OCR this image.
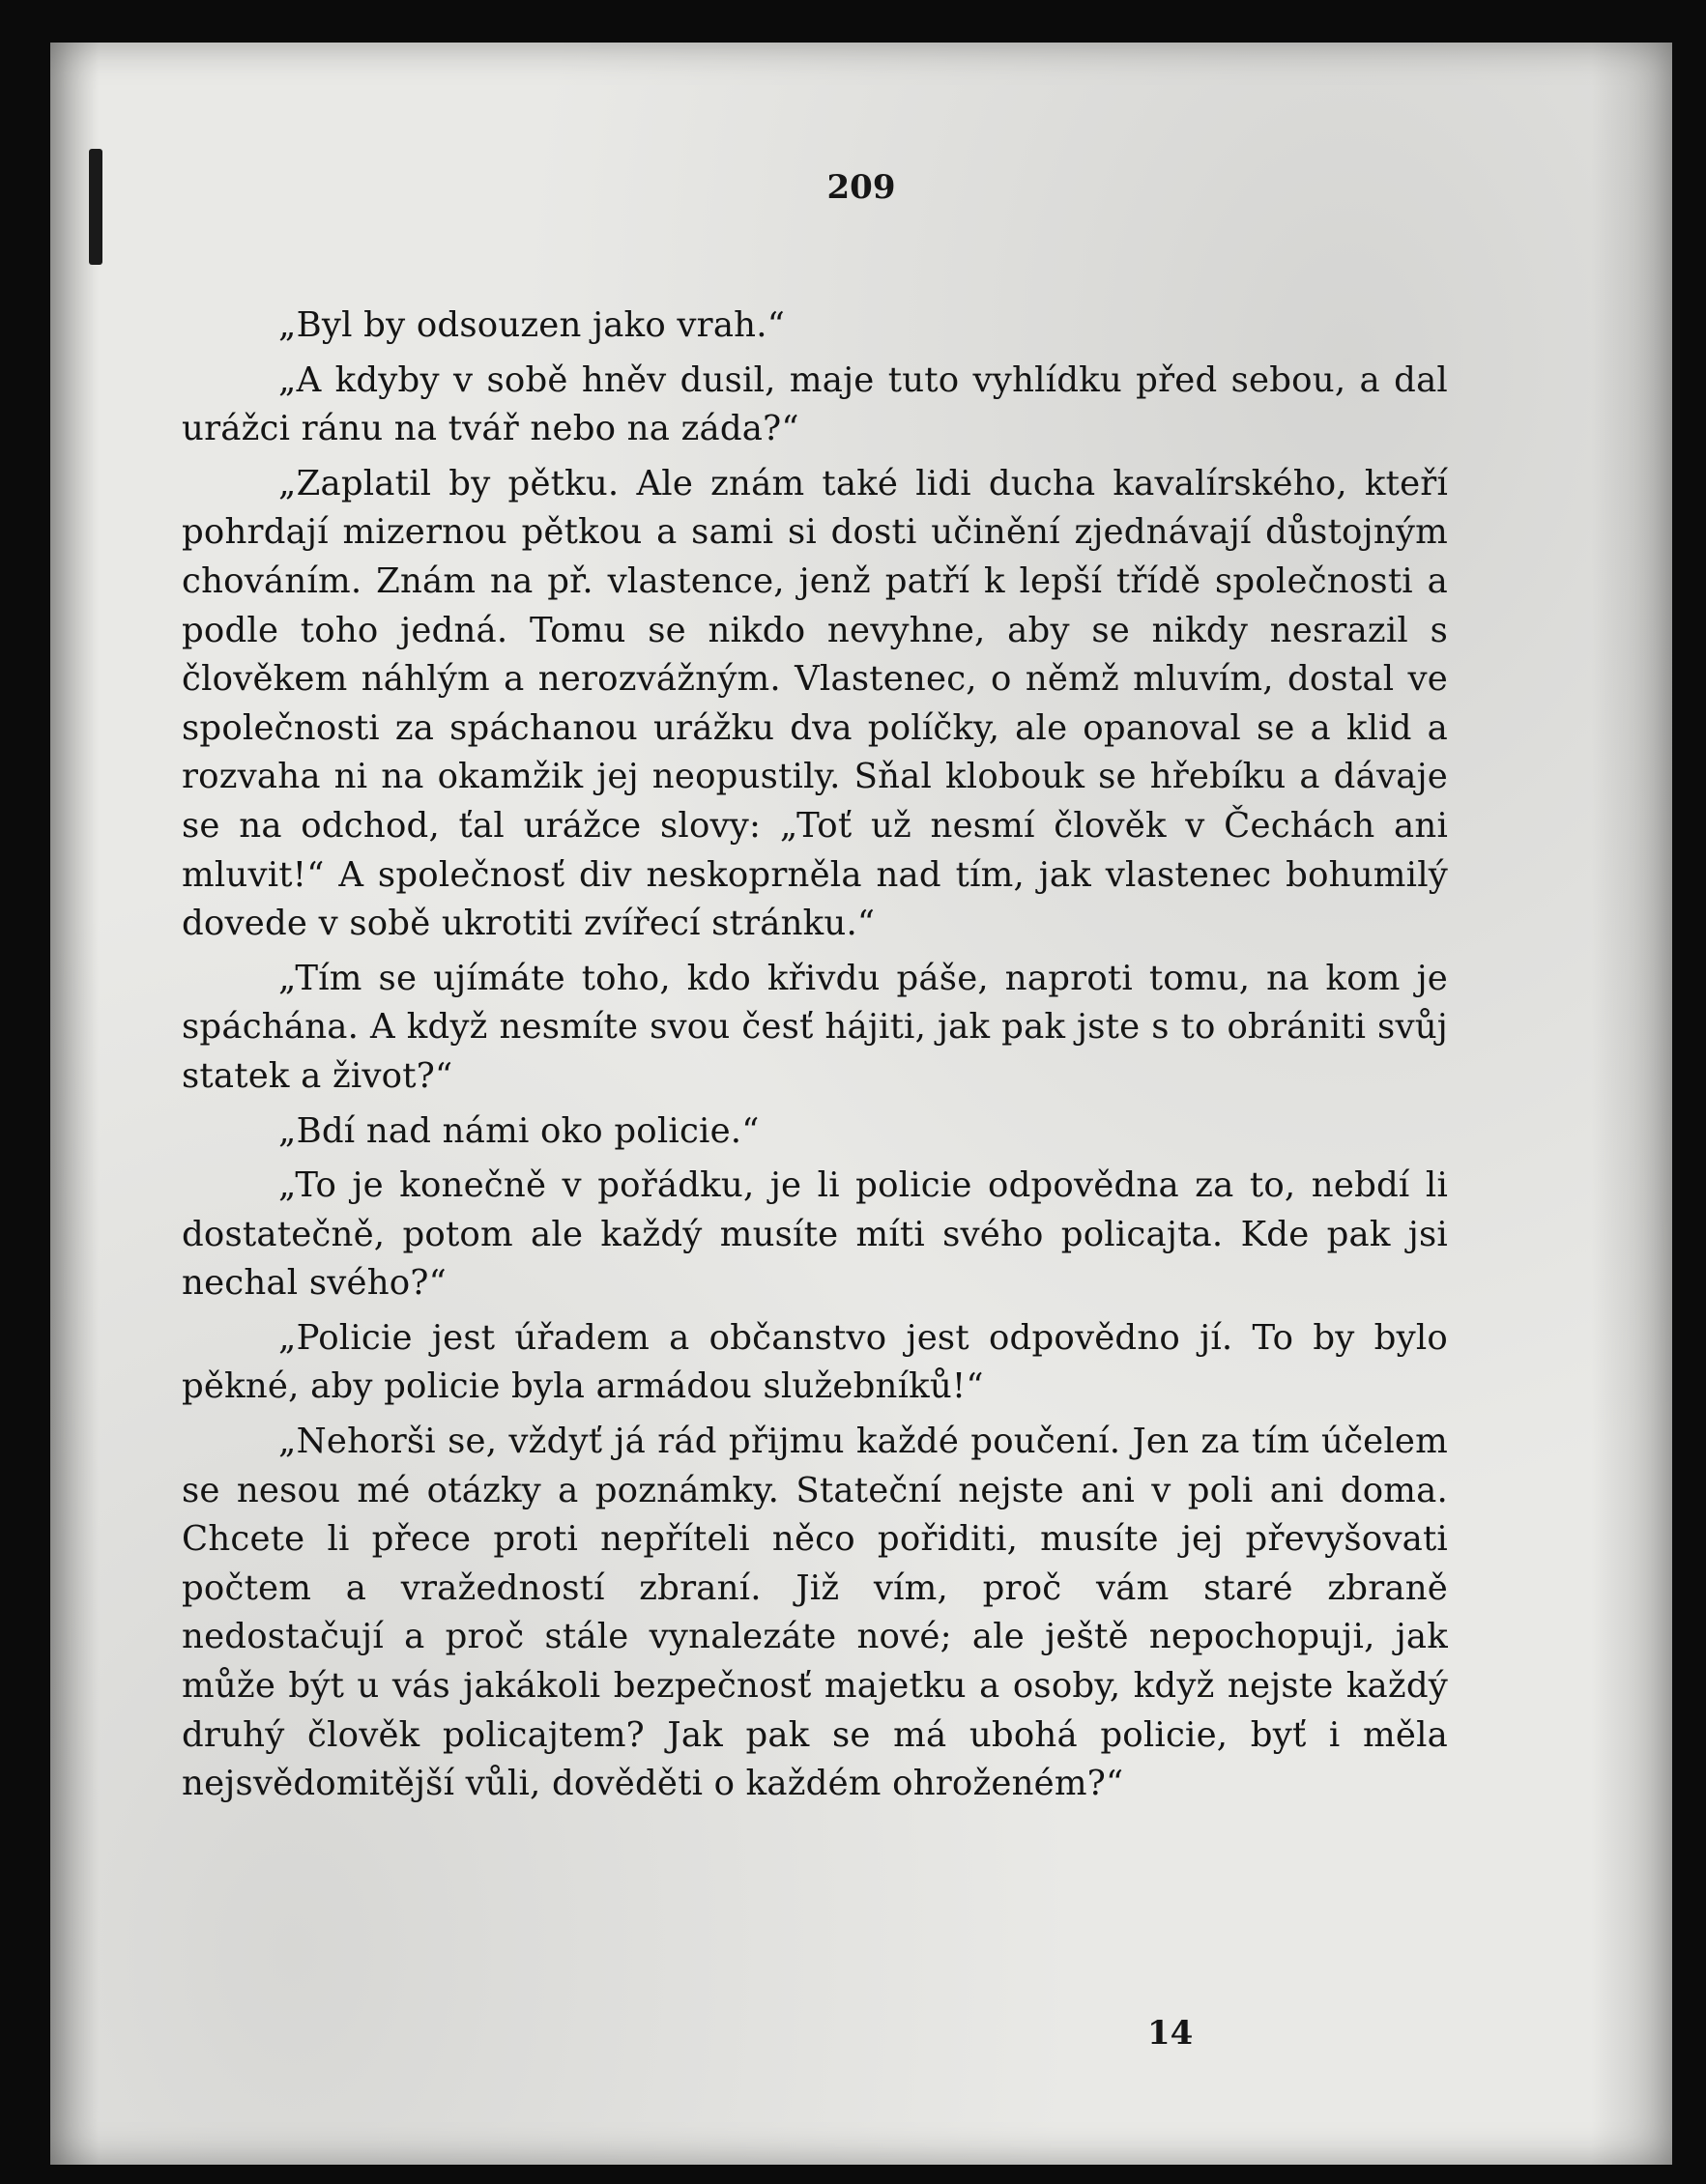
209

„Byl by odsouzen jako vrah.“

„A kdyby v sobě hněv dusil, maje tuto vyhlídku před sebou, a dal urážci ránu na tvář nebo na záda?“

„Zaplatil by pětku. Ale znám také lidi ducha kavalírského, kteří pohrdají mizernou pětkou a sami si dosti učinění zjednávají důstojným chováním. Znám na př. vlastence, jenž patří k lepší třídě společnosti a podle toho jedná. Tomu se nikdo nevyhne, aby se nikdy nesrazil s člověkem náhlým a nerozvážným. Vlastenec, o němž mluvím, dostal ve společnosti za spáchanou urážku dva políčky, ale opanoval se a klid a rozvaha ni na okamžik jej neopustily. Sňal klobouk se hřebíku a dávaje se na odchod, ťal urážce slovy: „Toť už nesmí člověk v Čechách ani mluvit!“ A společnosť div neskoprněla nad tím, jak vlastenec bohumilý dovede v sobě ukrotiti zvířecí stránku.“

„Tím se ujímáte toho, kdo křivdu páše, naproti tomu, na kom je spáchána. A když nesmíte svou česť hájiti, jak pak jste s to obrániti svůj statek a život?“

„Bdí nad námi oko policie.“

„To je konečně v pořádku, je li policie odpovědna za to, nebdí li dostatečně, potom ale každý musíte míti svého policajta. Kde pak jsi nechal svého?“

„Policie jest úřadem a občanstvo jest odpovědno jí. To by bylo pěkné, aby policie byla armádou služebníků!“

„Nehorši se, vždyť já rád přijmu každé poučení. Jen za tím účelem se nesou mé otázky a poznámky. Stateční nejste ani v poli ani doma. Chcete li přece proti nepříteli něco pořiditi, musíte jej převyšovati počtem a vražedností zbraní. Již vím, proč vám staré zbraně nedostačují a proč stále vynalezáte nové; ale ještě nepochopuji, jak může být u vás jakákoli bezpečnosť majetku a osoby, když nejste každý druhý člověk policajtem? Jak pak se má ubohá policie, byť i měla nejsvědomitější vůli, dověděti o každém ohroženém?“

14
